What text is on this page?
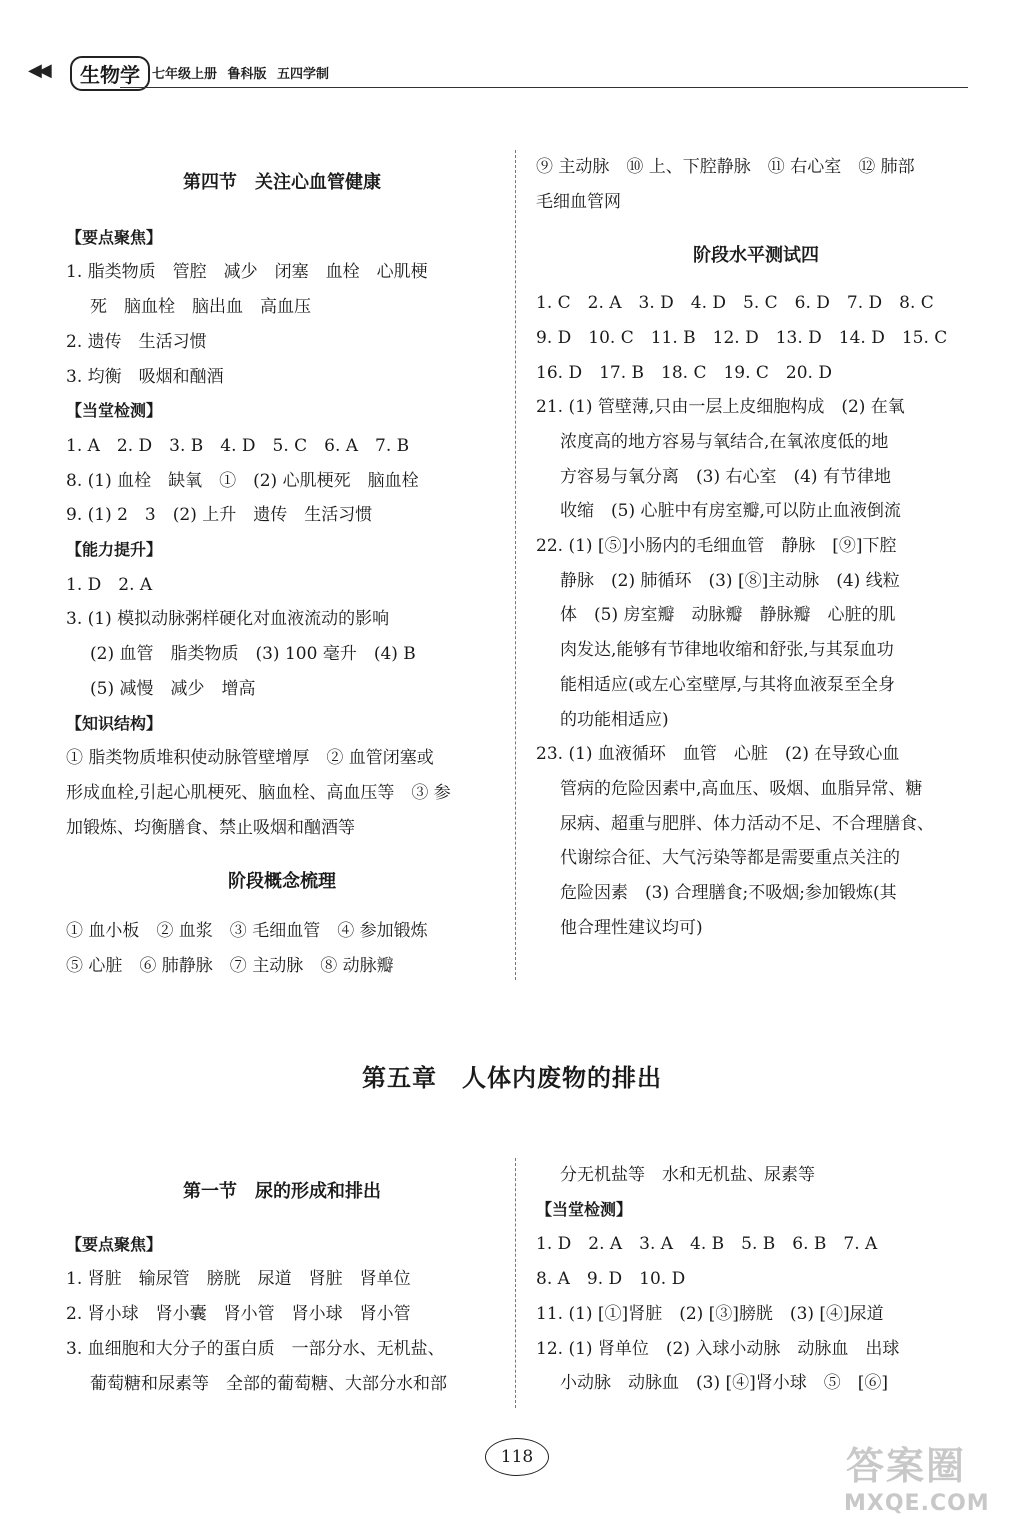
◀◀	生物学 七年级上册 鲁科版 五四学制

第四节　关注心血管健康

【要点聚焦】

1. 脂类物质　管腔　减少　闭塞　血栓　心肌梗

死　脑血栓　脑出血　高血压

2. 遗传　生活习惯

3. 均衡　吸烟和酗酒

【当堂检测】

1. A　2. D　3. B　4. D　5. C　6. A　7. B

8. (1) 血栓　缺氧　①　(2) 心肌梗死　脑血栓

9. (1) 2　3　(2) 上升　遗传　生活习惯

【能力提升】

1. D　2. A

3. (1) 模拟动脉粥样硬化对血液流动的影响

(2) 血管　脂类物质　(3) 100 毫升　(4) B

(5) 减慢　减少　增高

【知识结构】

① 脂类物质堆积使动脉管壁增厚　② 血管闭塞或

形成血栓,引起心肌梗死、脑血栓、高血压等　③ 参

加锻炼、均衡膳食、禁止吸烟和酗酒等

阶段概念梳理

① 血小板　② 血浆　③ 毛细血管　④ 参加锻炼

⑤ 心脏　⑥ 肺静脉　⑦ 主动脉　⑧ 动脉瓣

⑨ 主动脉　⑩ 上、下腔静脉　⑪ 右心室　⑫ 肺部

毛细血管网

阶段水平测试四

1. C　2. A　3. D　4. D　5. C　6. D　7. D　8. C

9. D　10. C　11. B　12. D　13. D　14. D　15. C

16. D　17. B　18. C　19. C　20. D

21. (1) 管壁薄,只由一层上皮细胞构成　(2) 在氧

浓度高的地方容易与氧结合,在氧浓度低的地

方容易与氧分离　(3) 右心室　(4) 有节律地

收缩　(5) 心脏中有房室瓣,可以防止血液倒流

22. (1) [⑤]小肠内的毛细血管　静脉　[⑨]下腔

静脉　(2) 肺循环　(3) [⑧]主动脉　(4) 线粒

体　(5) 房室瓣　动脉瓣　静脉瓣　心脏的肌

肉发达,能够有节律地收缩和舒张,与其泵血功

能相适应(或左心室壁厚,与其将血液泵至全身

的功能相适应)

23. (1) 血液循环　血管　心脏　(2) 在导致心血

管病的危险因素中,高血压、吸烟、血脂异常、糖

尿病、超重与肥胖、体力活动不足、不合理膳食、

代谢综合征、大气污染等都是需要重点关注的

危险因素　(3) 合理膳食;不吸烟;参加锻炼(其

他合理性建议均可)

第五章　人体内废物的排出

第一节　尿的形成和排出

【要点聚焦】

1. 肾脏　输尿管　膀胱　尿道　肾脏　肾单位

2. 肾小球　肾小囊　肾小管　肾小球　肾小管

3. 血细胞和大分子的蛋白质　一部分水、无机盐、

葡萄糖和尿素等　全部的葡萄糖、大部分水和部

分无机盐等　水和无机盐、尿素等

【当堂检测】

1. D　2. A　3. A　4. B　5. B　6. B　7. A

8. A　9. D　10. D

11. (1) [①]肾脏　(2) [③]膀胱　(3) [④]尿道

12. (1) 肾单位　(2) 入球小动脉　动脉血　出球

小动脉　动脉血　(3) [④]肾小球　⑤　[⑥]

118	答案圈
MXQE.COM
